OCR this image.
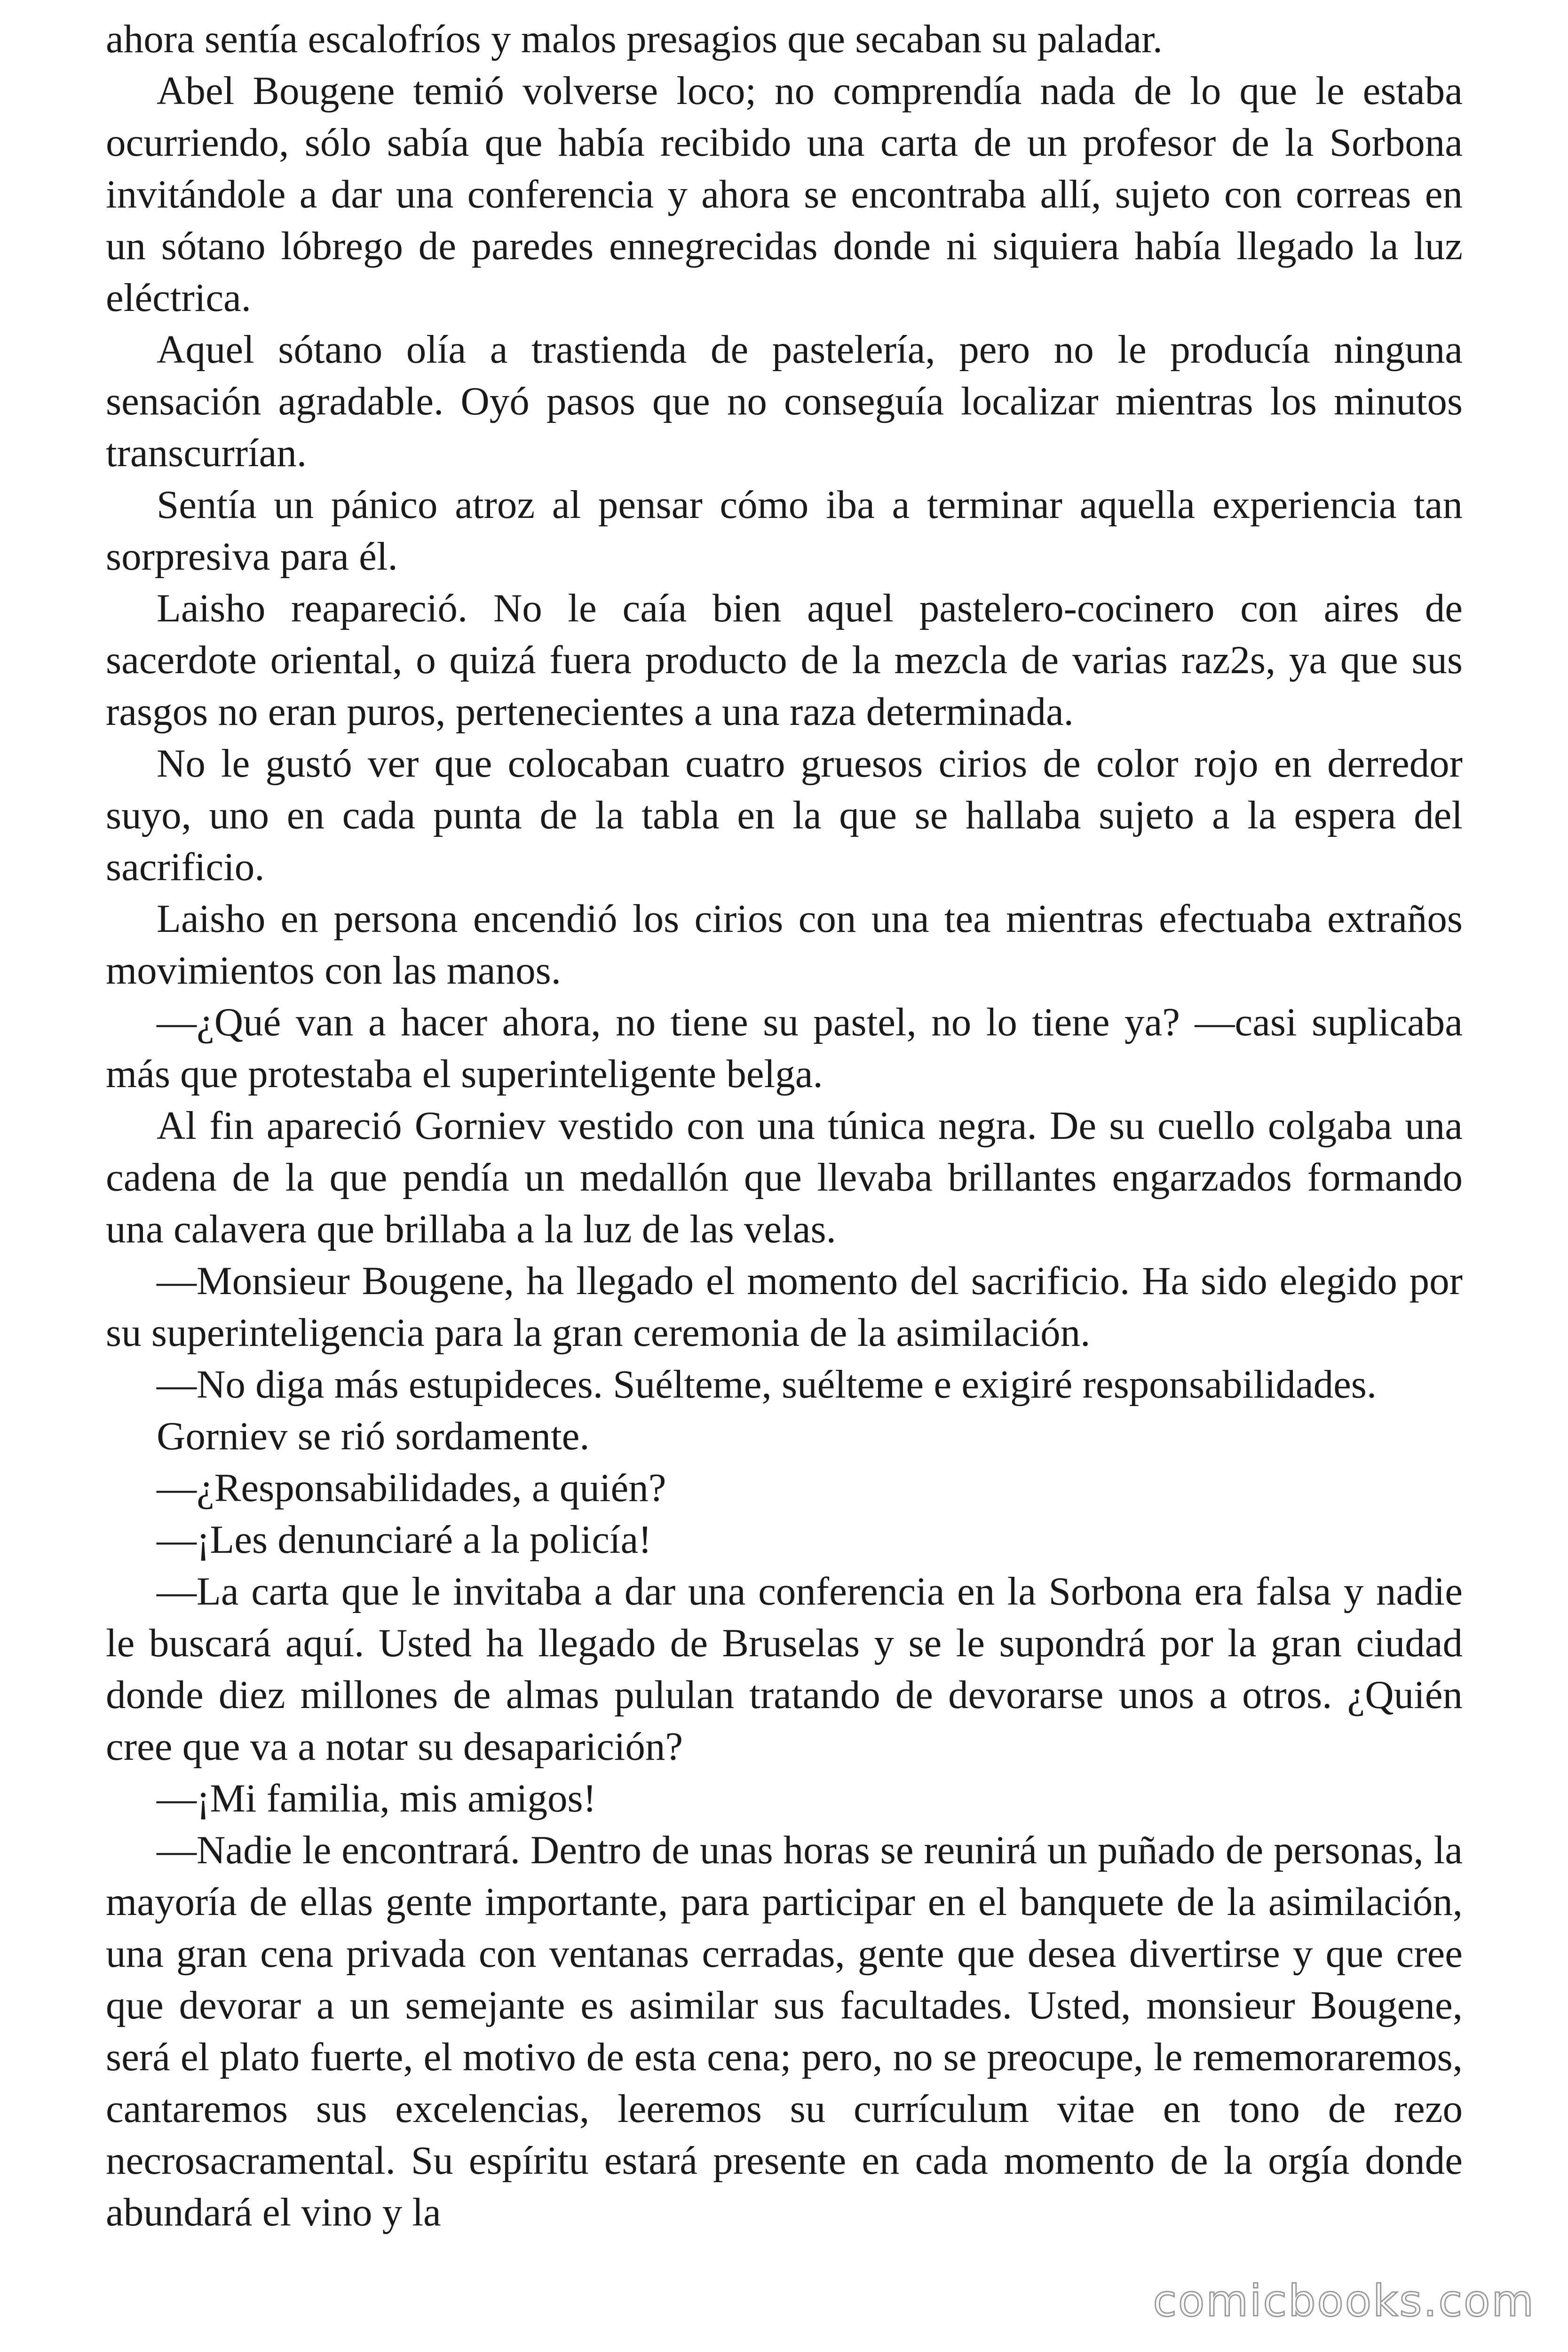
ahora sentía escalofríos y malos presagios que secaban su paladar.

Abel Bougene temió volverse loco; no comprendía nada de lo que le estaba ocurriendo, sólo sabía que había recibido una carta de un profesor de la Sorbona invitándole a dar una conferencia y ahora se encontraba allí, sujeto con correas en un sótano lóbrego de paredes ennegrecidas donde ni siquiera había llegado la luz eléctrica.

Aquel sótano olía a trastienda de pastelería, pero no le producía ninguna sensación agradable. Oyó pasos que no conseguía localizar mientras los minutos transcurrían.

Sentía un pánico atroz al pensar cómo iba a terminar aquella experiencia tan sorpresiva para él.

Laisho reapareció. No le caía bien aquel pastelero-cocinero con aires de sacerdote oriental, o quizá fuera producto de la mezcla de varias raz2s, ya que sus rasgos no eran puros, pertenecientes a una raza determinada.

No le gustó ver que colocaban cuatro gruesos cirios de color rojo en derredor suyo, uno en cada punta de la tabla en la que se hallaba sujeto a la espera del sacrificio.

Laisho en persona encendió los cirios con una tea mientras efectuaba extraños movimientos con las manos.

—¿Qué van a hacer ahora, no tiene su pastel, no lo tiene ya? —casi suplicaba más que protestaba el superinteligente belga.

Al fin apareció Gorniev vestido con una túnica negra. De su cuello colgaba una cadena de la que pendía un medallón que llevaba brillantes engarzados formando una calavera que brillaba a la luz de las velas.

—Monsieur Bougene, ha llegado el momento del sacrificio. Ha sido elegido por su superinteligencia para la gran ceremonia de la asimilación.

—No diga más estupideces. Suélteme, suélteme e exigiré responsabilidades.

Gorniev se rió sordamente.

—¿Responsabilidades, a quién?

—¡Les denunciaré a la policía!

—La carta que le invitaba a dar una conferencia en la Sorbona era falsa y nadie le buscará aquí. Usted ha llegado de Bruselas y se le supondrá por la gran ciudad donde diez millones de almas pululan tratando de devorarse unos a otros. ¿Quién cree que va a notar su desaparición?

—¡Mi familia, mis amigos!

—Nadie le encontrará. Dentro de unas horas se reunirá un puñado de personas, la mayoría de ellas gente importante, para participar en el banquete de la asimilación, una gran cena privada con ventanas cerradas, gente que desea divertirse y que cree que devorar a un semejante es asimilar sus facultades. Usted, monsieur Bougene, será el plato fuerte, el motivo de esta cena; pero, no se preocupe, le rememoraremos, cantaremos sus excelencias, leeremos su currículum vitae en tono de rezo necrosacramental. Su espíritu estará presente en cada momento de la orgía donde abundará el vino y la

comicbooks.com
